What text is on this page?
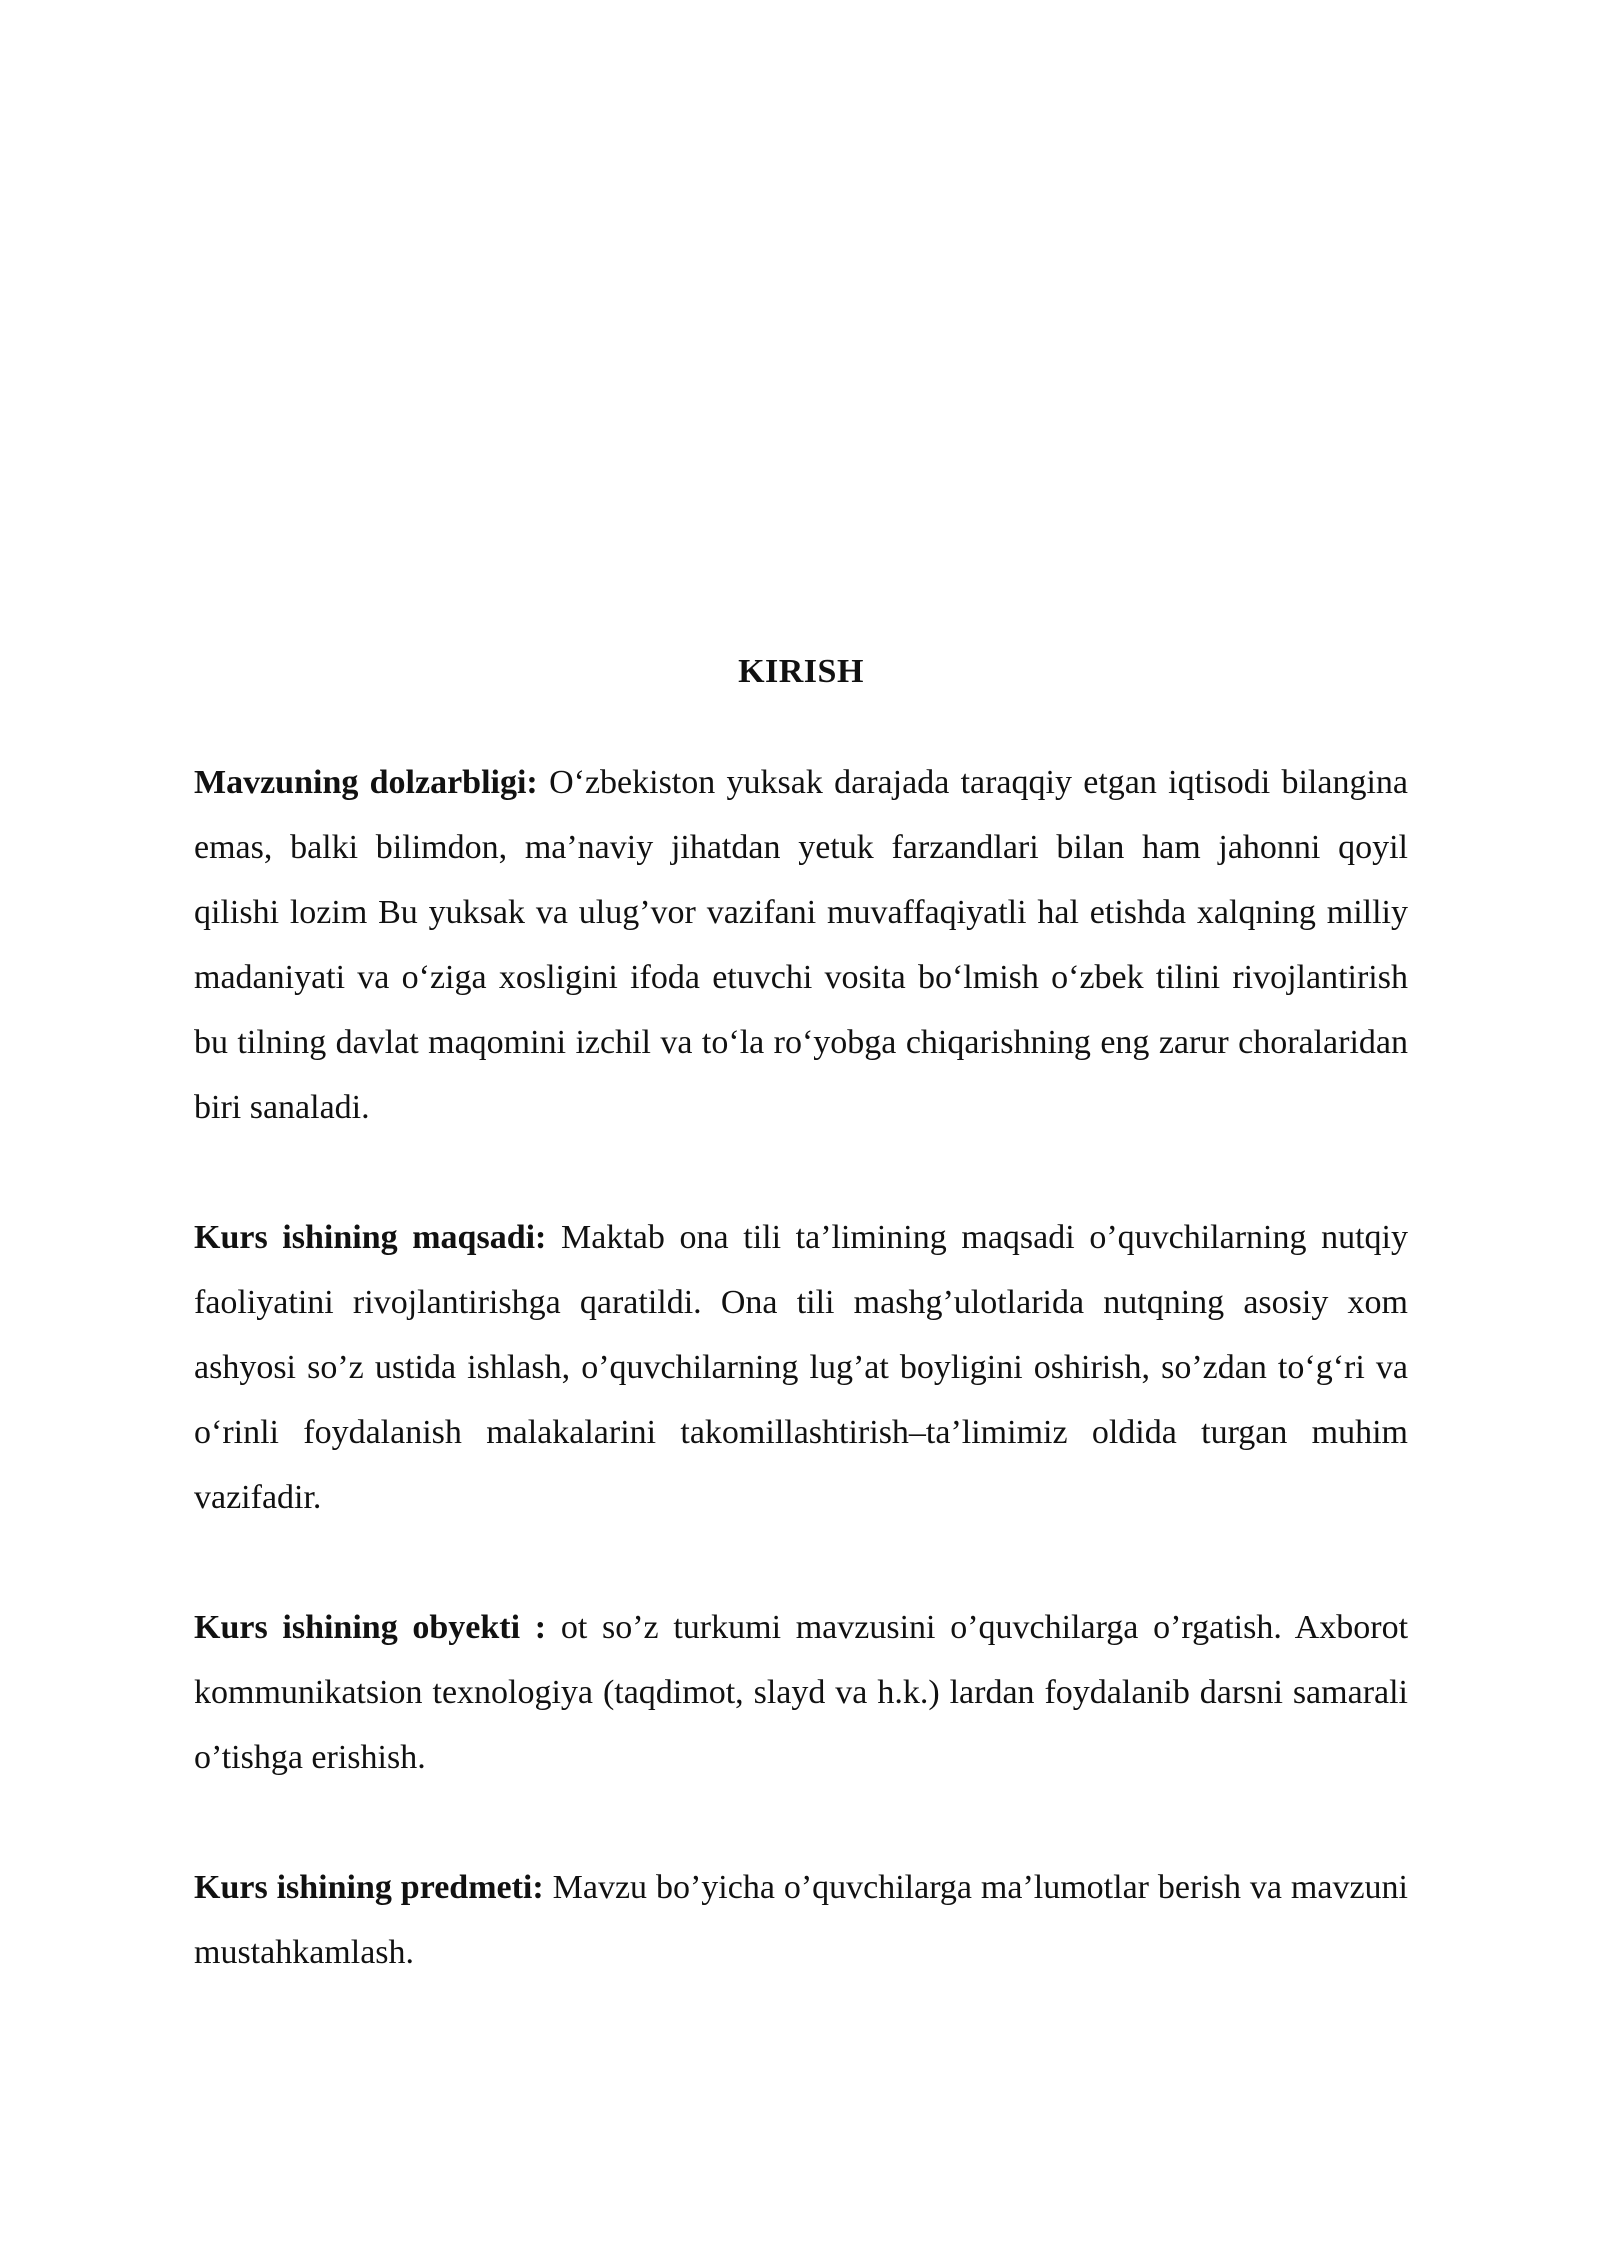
KIRISH

Mavzuning dolzarbligi: O‘zbekiston yuksak darajada taraqqiy etgan iqtisodi bilangina emas, balki bilimdon, ma’naviy jihatdan yetuk farzandlari bilan ham jahonni qoyil qilishi lozim Bu yuksak va ulug’vor vazifani muvaffaqiyatli hal etishda xalqning milliy madaniyati va o‘ziga xosligini ifoda etuvchi vosita bo‘lmish o‘zbek tilini rivojlantirish bu tilning davlat maqomini izchil va to‘la ro‘yobga chiqarishning eng zarur choralaridan biri sanaladi.

Kurs ishining maqsadi: Maktab ona tili ta’limining maqsadi o’quvchilarning nutqiy faoliyatini rivojlantirishga qaratildi. Ona tili mashg’ulotlarida nutqning asosiy xom ashyosi so’z ustida ishlash, o’quvchilarning lug’at boyligini oshirish, so’zdan to‘g‘ri va o‘rinli foydalanish malakalarini takomillashtirish–ta’limimiz oldida turgan muhim vazifadir.

Kurs ishining obyekti : ot so’z turkumi mavzusini o’quvchilarga o’rgatish. Axborot kommunikatsion texnologiya (taqdimot, slayd va h.k.) lardan foydalanib darsni samarali o’tishga erishish.

Kurs ishining predmeti: Mavzu bo’yicha o’quvchilarga ma’lumotlar berish va mavzuni mustahkamlash.
